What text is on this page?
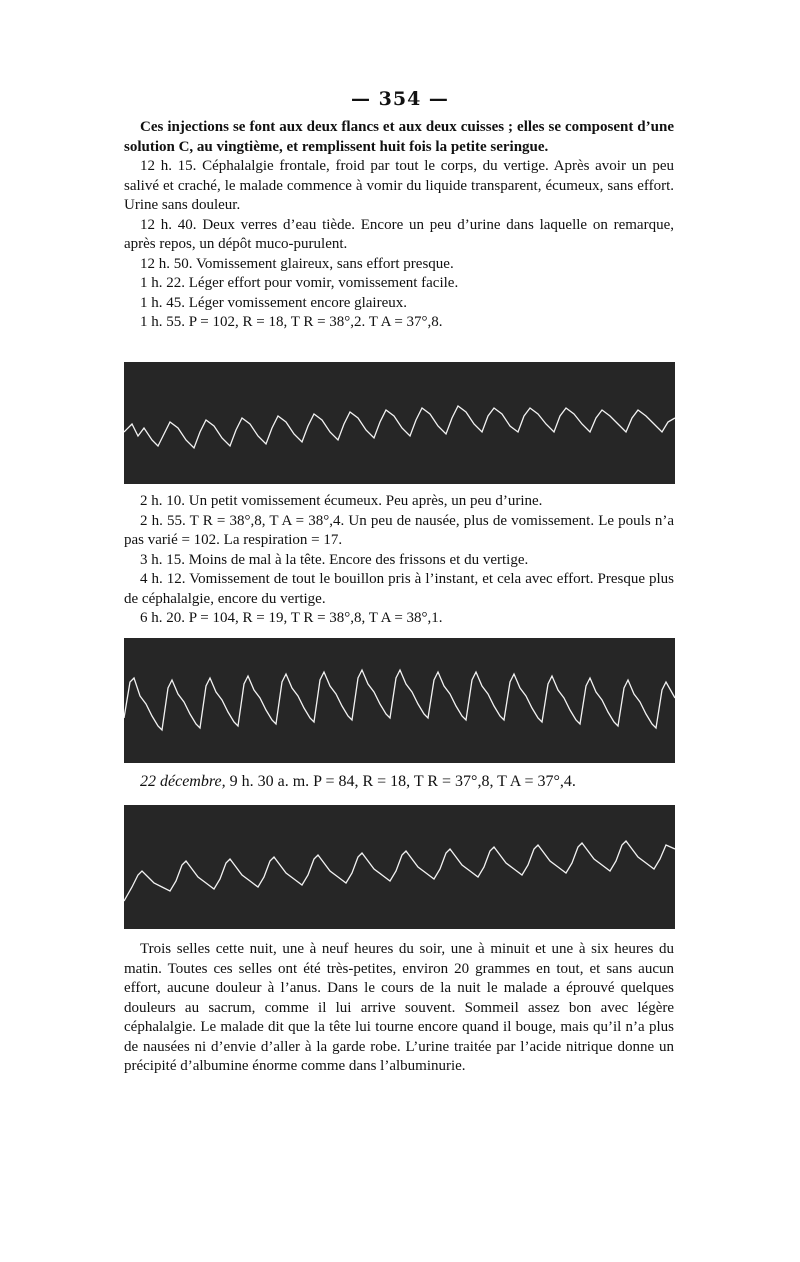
— 354 —

Ces injections se font aux deux flancs et aux deux cuisses ; elles se composent d’une solution C, au vingtième, et remplissent huit fois la petite seringue.

12 h. 15. Céphalalgie frontale, froid par tout le corps, du vertige. Après avoir un peu salivé et craché, le malade commence à vomir du liquide transparent, écumeux, sans effort. Urine sans douleur.

12 h. 40. Deux verres d’eau tiède. Encore un peu d’urine dans laquelle on remarque, après repos, un dépôt muco-purulent.

12 h. 50. Vomissement glaireux, sans effort presque.

1 h. 22. Léger effort pour vomir, vomissement facile.

1 h. 45. Léger vomissement encore glaireux.

1 h. 55. P = 102, R = 18, T R = 38°,2. T A = 37°,8.

2 h. 10. Un petit vomissement écumeux. Peu après, un peu d’urine.

2 h. 55. T R = 38°,8, T A = 38°,4. Un peu de nausée, plus de vomissement. Le pouls n’a pas varié = 102. La respiration = 17.

3 h. 15. Moins de mal à la tête. Encore des frissons et du vertige.

4 h. 12. Vomissement de tout le bouillon pris à l’instant, et cela avec effort. Presque plus de céphalalgie, encore du vertige.

6 h. 20. P = 104, R = 19, T R = 38°,8, T A = 38°,1.

22 décembre, 9 h. 30 a. m. P = 84, R = 18, T R = 37°,8, T A = 37°,4.

Trois selles cette nuit, une à neuf heures du soir, une à minuit et une à six heures du matin. Toutes ces selles ont été très-petites, environ 20 grammes en tout, et sans aucun effort, aucune douleur à l’anus. Dans le cours de la nuit le malade a éprouvé quelques douleurs au sacrum, comme il lui arrive souvent. Sommeil assez bon avec légère céphalalgie. Le malade dit que la tête lui tourne encore quand il bouge, mais qu’il n’a plus de nausées ni d’envie d’aller à la garde robe. L’urine traitée par l’acide nitrique donne un précipité d’albumine énorme comme dans l’albuminurie.
